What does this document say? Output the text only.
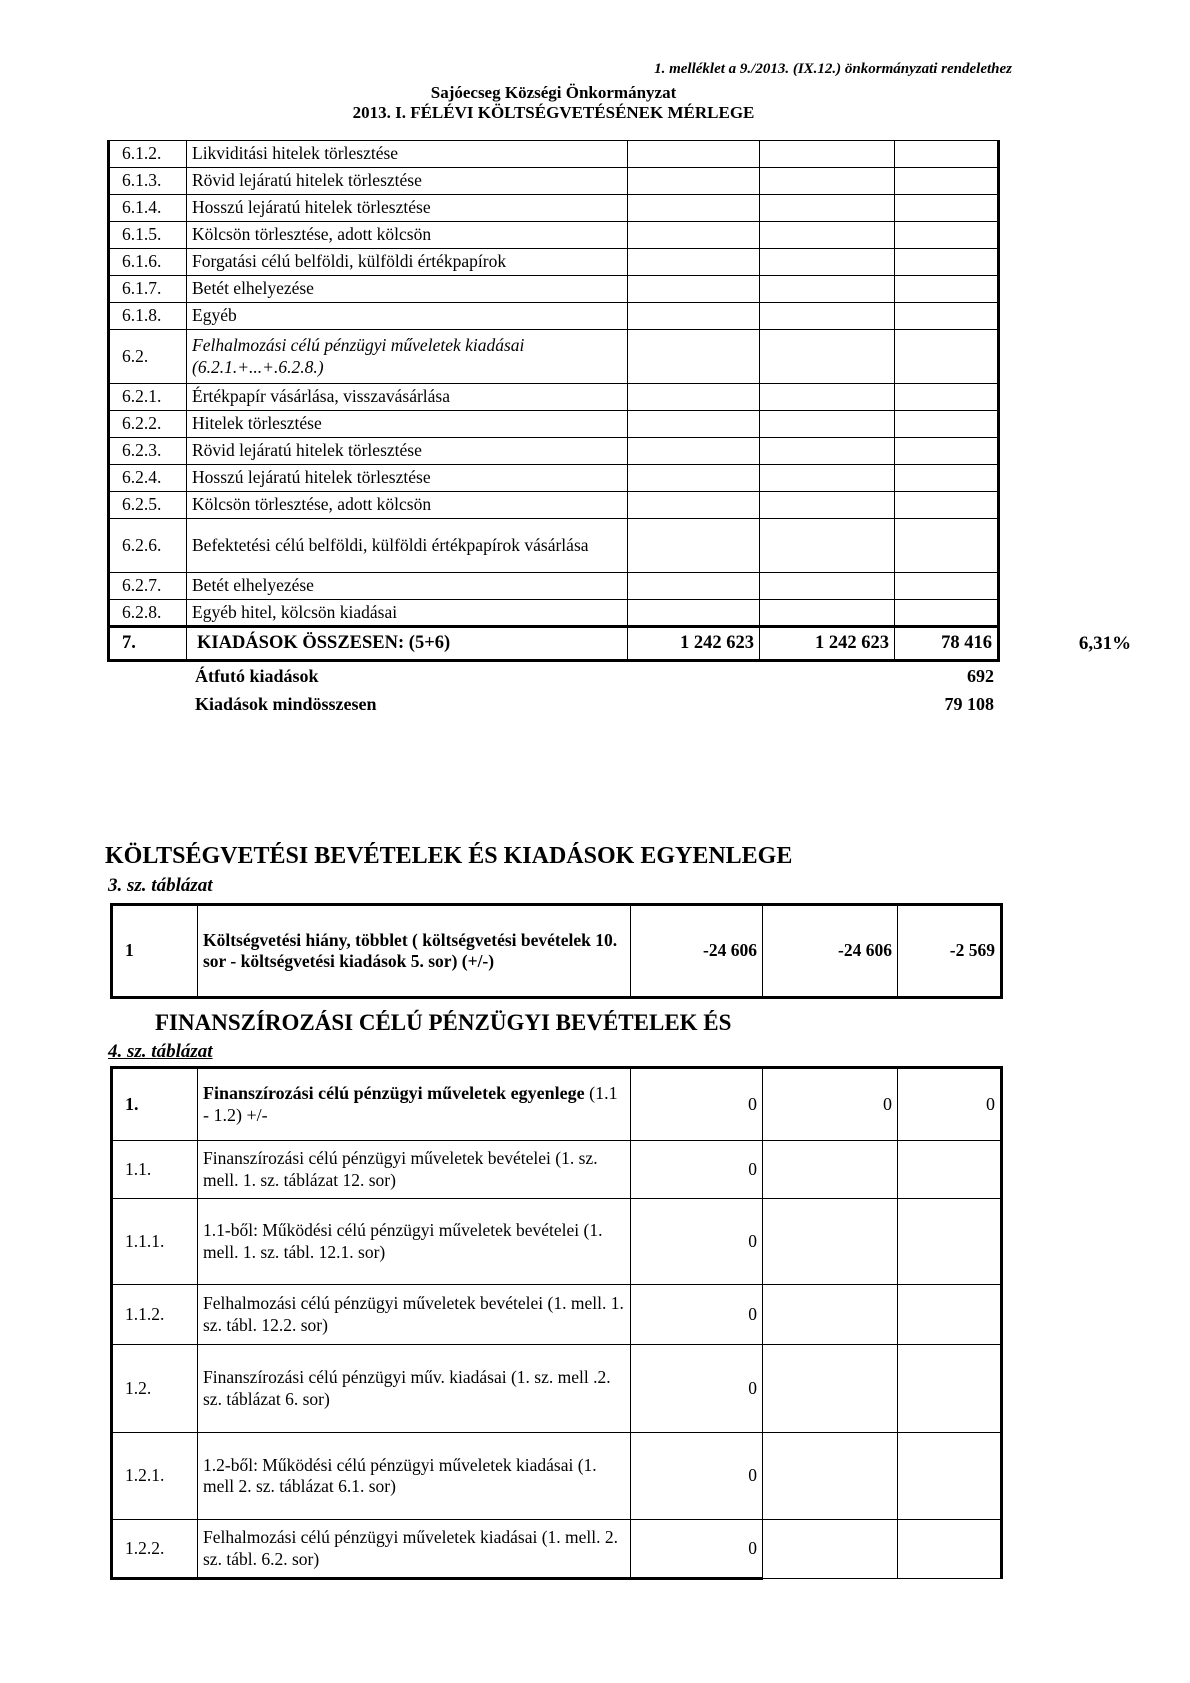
1. melléklet a 9./2013. (IX.12.) önkormányzati rendelethez
Sajóecseg Községi Önkormányzat
2013. I. FÉLÉVI KÖLTSÉGVETÉSÉNEK MÉRLEGE
6.1.2.	Likviditási hitelek törlesztése			
6.1.3.	Rövid lejáratú hitelek törlesztése			
6.1.4.	Hosszú lejáratú hitelek törlesztése			
6.1.5.	Kölcsön törlesztése, adott kölcsön			
6.1.6.	Forgatási célú belföldi, külföldi értékpapírok			
6.1.7.	Betét elhelyezése			
6.1.8.	Egyéb			
6.2.	Felhalmozási célú pénzügyi műveletek kiadásai (6.2.1.+...+.6.2.8.)			
6.2.1.	Értékpapír vásárlása, visszavásárlása			
6.2.2.	Hitelek törlesztése			
6.2.3.	Rövid lejáratú hitelek törlesztése			
6.2.4.	Hosszú lejáratú hitelek törlesztése			
6.2.5.	Kölcsön törlesztése, adott kölcsön			
6.2.6.	Befektetési célú belföldi, külföldi értékpapírok vásárlása			
6.2.7.	Betét elhelyezése			
6.2.8.	Egyéb hitel, kölcsön kiadásai			
7.	KIADÁSOK ÖSSZESEN: (5+6)	1 242 623	1 242 623	78 416	6,31%
Átfutó kiadások	692
Kiadások mindösszesen	79 108
KÖLTSÉGVETÉSI BEVÉTELEK ÉS KIADÁSOK EGYENLEGE
3. sz. táblázat
1	Költségvetési hiány, többlet ( költségvetési bevételek 10. sor - költségvetési kiadások 5. sor) (+/-)	-24 606	-24 606	-2 569
FINANSZÍROZÁSI CÉLÚ PÉNZÜGYI BEVÉTELEK ÉS
4. sz. táblázat
1.	Finanszírozási célú pénzügyi műveletek egyenlege (1.1 - 1.2) +/-	0	0	0
1.1.	Finanszírozási célú pénzügyi műveletek bevételei (1. sz. mell. 1. sz. táblázat 12. sor)	0		
1.1.1.	1.1-ből: Működési célú pénzügyi műveletek bevételei (1. mell. 1. sz. tábl. 12.1. sor)	0		
1.1.2.	Felhalmozási célú pénzügyi műveletek bevételei (1. mell. 1. sz. tábl. 12.2. sor)	0		
1.2.	Finanszírozási célú pénzügyi műv. kiadásai (1. sz. mell .2. sz. táblázat 6. sor)	0		
1.2.1.	1.2-ből: Működési célú pénzügyi műveletek kiadásai (1. mell 2. sz. táblázat 6.1. sor)	0		
1.2.2.	Felhalmozási célú pénzügyi műveletek kiadásai (1. mell. 2. sz. tábl. 6.2. sor)	0		
